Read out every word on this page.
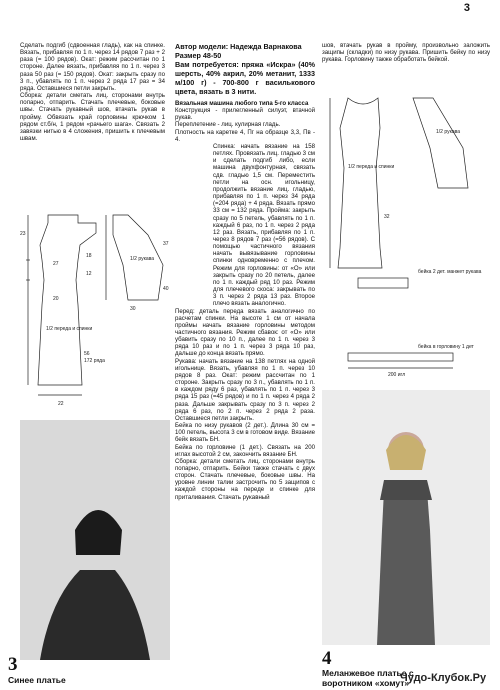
3

Сделать подгиб (сдвоенная гладь), как на спинке. Вязать, прибавляя по 1 п. через 14 рядов 7 раз + 2 раза (= 100 рядов). Окат: режим рассчитан по 1 стороне. Далее вязать, прибавляя по 1 п. через 3 раза 50 раз (= 150 рядов). Окат: закрыть сразу по 3 п., убавлять по 1 п. через 2 ряда 17 раз = 34 ряда. Оставшиеся петли закрыть.

Сборка: детали сметать лиц. сторонами внутрь попарно, отпарить. Стачать плечевые, боковые швы. Стачать рукавный шов, втачать рукав в пройму. Обвязать край горловины крючком 1 рядом ст.б/н, 1 рядом «рачьего шага». Связать 2 завязки нитью в 4 сложения, пришить к плечевым швам.

Автор модели: Надежда Варнакова

Размер 48-50

Вам потребуется: пряжа «Искра» (40% шерсть, 40% акрил, 20% метанит, 1333 м/100 г) - 700-800 г василькового цвета, вязать в 3 нити.

Вязальная машина любого типа 5-го класса

Конструкция - прилегленный силуэт, втачной рукав.

Переплетение - лиц. кулирная гладь.

Плотность на каретке 4, Пг на образце 3,3, Пв - 4.

Спинка: начать вязание на 158 петлях. Провязать лиц. гладью 3 см и сделать подгиб либо, если машина двухфонтурная, связать сдв. гладью 1,5 см. Переместить петли на осн. игольницу, продолжить вязание лиц. гладью, прибавляя по 1 п. через 34 ряда (=204 ряда) + 4 ряда. Вязать прямо 33 см = 132 ряда. Пройма: закрыть сразу по 5 петель, убавлять по 1 п. каждый 6 раз, по 1 п. через 2 ряда 12 раз. Вязать, прибавляя по 1 п. через 8 рядов 7 раз (=56 рядов). С помощью частичного вязания начать вывязывание горловины спинки одновременно с плечом. Режим для горловины: от «О» или закрыть сразу по 20 петель, далее по 1 п. каждый ряд 10 раз. Режим для плечевого скоса: закрывать по 3 п. через 2 ряда 13 раз. Второе плечо вязать аналогично.

Перед: деталь переда вязать аналогично по расчетам спинки. На высоте 1 см от начала проймы начать вязание горловины методом частичного вязания. Режим сбавок: от «О» или убавить сразу по 10 п., далее по 1 п. через 3 ряда 10 раз и по 1 п. через 3 ряда 10 раз, дальше до конца вязать прямо.

Рукава: начать вязание на 138 петлях на одной игольнице. Вязать, убавляя по 1 п. через 10 рядов 8 раз. Окат: режим рассчитан по 1 стороне. Закрыть сразу по 3 п., убавлять по 1 п. в каждом ряду 6 раз, убавлять по 1 п. через 3 ряда 15 раз (=45 рядов) и по 1 п. через 4 ряда 2 раза. Дальше закрывать сразу по 3 п. через 2 ряда 6 раз, по 2 п. через 2 ряда 2 раза. Оставшиеся петли закрыть.

Бейка по низу рукавов (2 дет.). Длина 30 см = 100 петель, высота 3 см в готовом виде. Вязание бейк вязать БН.

Бейка по горловине (1 дет.). Связать на 200 иглах высотой 2 см, закончить вязание БН.

Сборка: детали сметать лиц. сторонами внутрь попарно, отпарить. Бейки также стачать с двух сторон. Стачать плечевые, боковые швы. На уровне линии талии застрочить по 5 защипов с каждой стороны на переде и спинке для приталивания. Стачать рукавный

шов, втачать рукав в пройму, произвольно заложить защипы (складки) по низу рукава. Пришить бейку по низу рукава. Горловину также обработать бейкой.

23
27
18
12
20
1/2 переда и спинки
56
172 ряда
22
1/2 рукава
37
40
30
1/2 переда и спинки
32
1/2 рукава
бейка 2 дет. манжет рукава
бейка в горловину 1 дет
200 игл
3
Синее платье
4
Меланжевое платье с воротником «хомут»
Чудо-Клубок.Ру
